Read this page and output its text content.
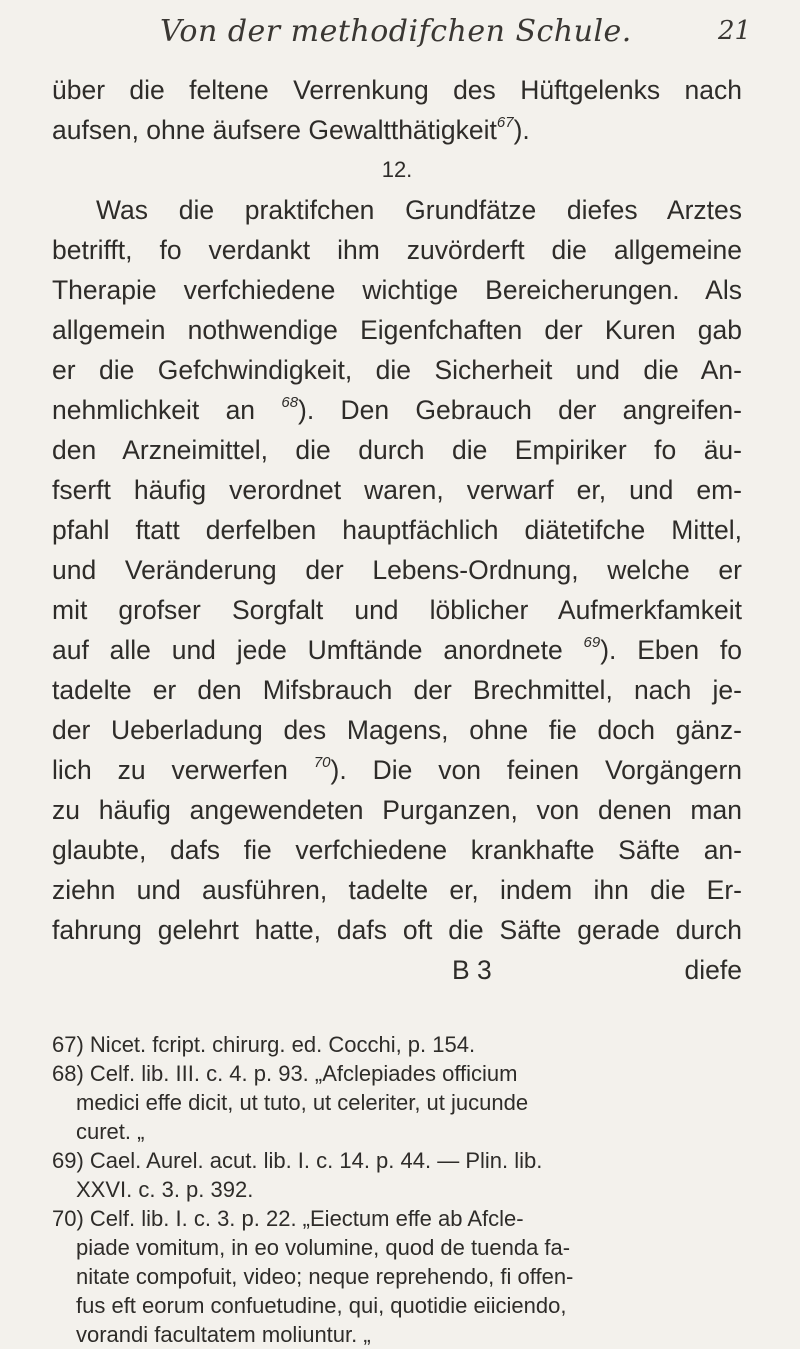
Von der methodifchen Schule.	21
über die feltene Verrenkung des Hüftgelenks nach
aufsen, ohne äufsere Gewaltthätigkeit$^{67}$).
12.
Was die praktifchen Grundfätze diefes Arztes
betrifft, fo verdankt ihm zuvörderft die allgemeine
Therapie verfchiedene wichtige Bereicherungen. Als
allgemein nothwendige Eigenfchaften der Kuren gab
er die Gefchwindigkeit, die Sicherheit und die An-
nehmlichkeit an $^{68}$). Den Gebrauch der angreifen-
den Arzneimittel, die durch die Empiriker fo äu-
fserft häufig verordnet waren, verwarf er, und em-
pfahl ftatt derfelben hauptfächlich diätetifche Mittel,
und Veränderung der Lebens-Ordnung, welche er
mit grofser Sorgfalt und löblicher Aufmerkfamkeit
auf alle und jede Umftände anordnete $^{69}$). Eben fo
tadelte er den Mifsbrauch der Brechmittel, nach je-
der Ueberladung des Magens, ohne fie doch gänz-
lich zu verwerfen $^{70}$). Die von feinen Vorgängern
zu häufig angewendeten Purganzen, von denen man
glaubte, dafs fie verfchiedene krankhafte Säfte an-
ziehn und ausführen, tadelte er, indem ihn die Er-
fahrung gelehrt hatte, dafs oft die Säfte gerade durch
B 3	diefe
67) Nicet. fcript. chirurg. ed. Cocchi, p. 154.
68) Celf. lib. III. c. 4. p. 93. „Afclepiades officium
medici effe dicit, ut tuto, ut celeriter, ut jucunde
curet. „
69) Cael. Aurel. acut. lib. I. c. 14. p. 44. — Plin. lib.
XXVI. c. 3. p. 392.
70) Celf. lib. I. c. 3. p. 22. „Eiectum effe ab Afcle-
piade vomitum, in eo volumine, quod de tuenda fa-
nitate compofuit, video; neque reprehendo, fi offen-
fus eft eorum confuetudine, qui, quotidie eiiciendo,
vorandi facultatem moliuntur. „
